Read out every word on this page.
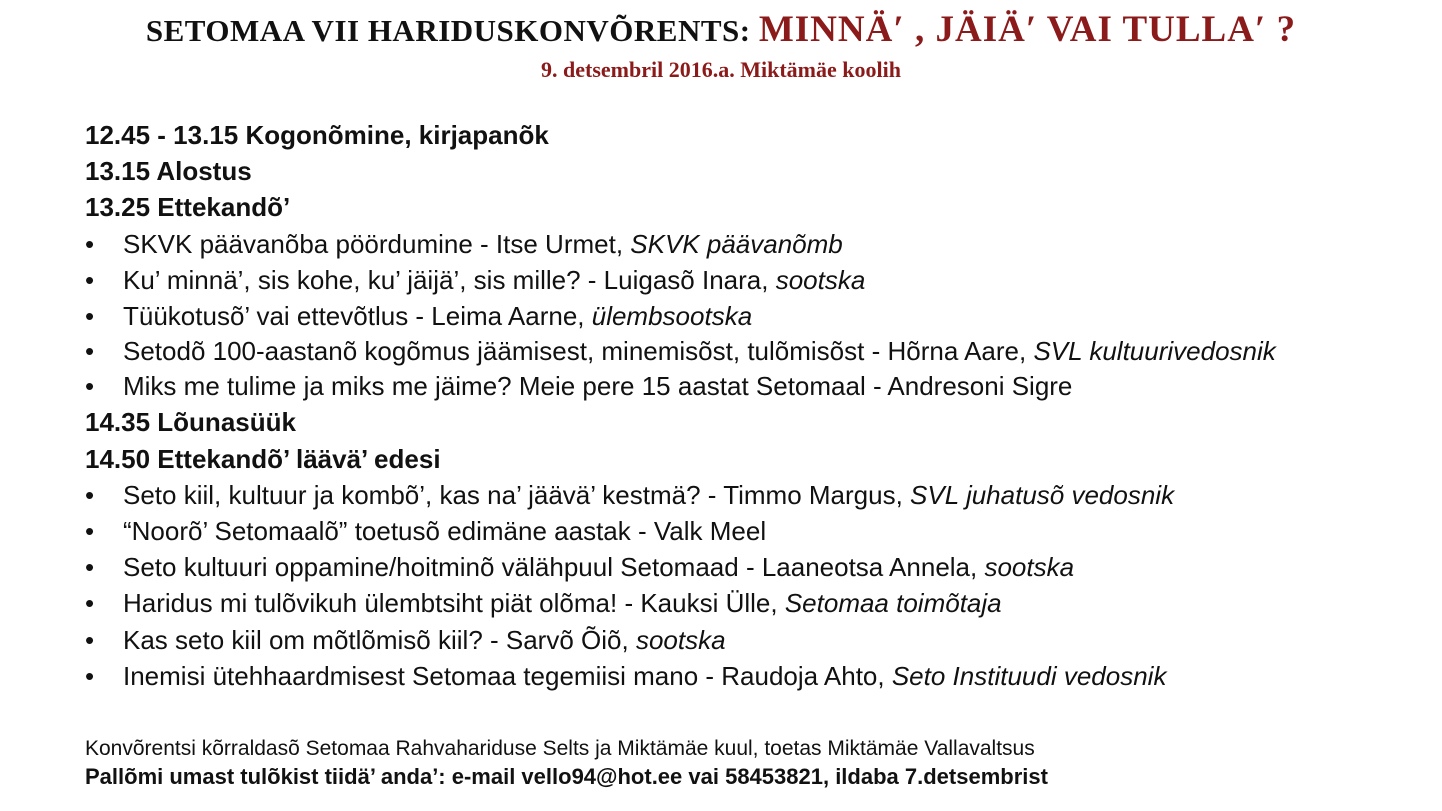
SETOMAA VII HARIDUSKONVÕRENTS: MINNÄ′ , JÄIÄ′ VAI TULLA′ ?
9. detsembril 2016.a. Miktämäe koolih
12.45 - 13.15 Kogonõmine, kirjapanõk
13.15 Alostus
13.25 Ettekandõ’
• SKVK päävanõba pöördumine - Itse Urmet, SKVK päävanõmb
• Ku’ minnä’, sis kohe, ku’ jäijä’, sis mille? - Luigasõ Inara, sootska
• Tüükotusõ’ vai ettevõtlus - Leima Aarne, ülembsootska
• Setodõ 100-aastanõ kogõmus jäämisest, minemisõst, tulõmisõst - Hõrna Aare, SVL kultuurivedosnik
• Miks me tulime ja miks me jäime? Meie pere 15 aastat Setomaal - Andresoni Sigre
14.35 Lõunasüük
14.50 Ettekandõ’ läävä’ edesi
• Seto kiil, kultuur ja kombõ’, kas na’ jäävä’ kestmä? - Timmo Margus, SVL juhatusõ vedosnik
• “Noorõ’ Setomaalõ” toetusõ edimäne aastak - Valk Meel
• Seto kultuuri oppamine/hoitminõ välähpuul Setomaad - Laaneotsa Annela, sootska
• Haridus mi tulõvikuh ülembtsiht piät olõma! - Kauksi Ülle, Setomaa toimõtaja
• Kas seto kiil om mõtlõmisõ kiil? - Sarvõ Õiõ, sootska
• Inemisi ütehhaardmisest Setomaa tegemiisi mano - Raudoja Ahto, Seto Instituudi vedosnik
Konvõrentsi kõrraldasõ Setomaa Rahvahariduse Selts ja Miktämäe kuul, toetas Miktämäe Vallavaltsus
Pallõmi umast tulõkist tiidä’ anda’: e-mail vello94@hot.ee vai 58453821, ildaba 7.detsembrist
